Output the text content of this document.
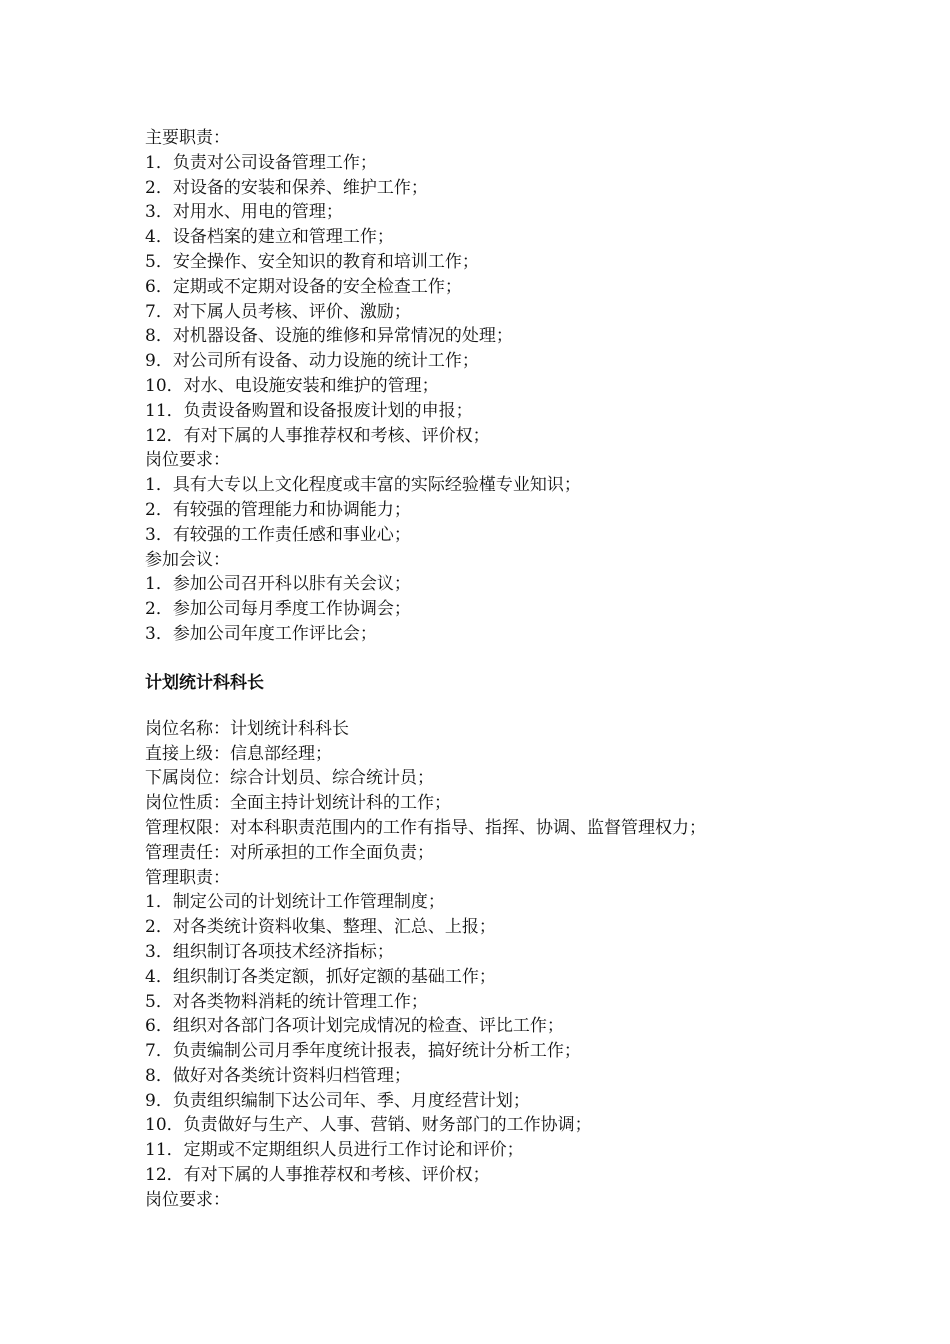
主要职责：
1．负责对公司设备管理工作；
2．对设备的安装和保养、维护工作；
3．对用水、用电的管理；
4．设备档案的建立和管理工作；
5．安全操作、安全知识的教育和培训工作；
6．定期或不定期对设备的安全检查工作；
7．对下属人员考核、评价、激励；
8．对机器设备、设施的维修和异常情况的处理；
9．对公司所有设备、动力设施的统计工作；
10．对水、电设施安装和维护的管理；
11．负责设备购置和设备报废计划的申报；
12．有对下属的人事推荐权和考核、评价权；
岗位要求：
1．具有大专以上文化程度或丰富的实际经验槿专业知识；
2．有较强的管理能力和协调能力；
3．有较强的工作责任感和事业心；
参加会议：
1．参加公司召开科以胩有关会议；
2．参加公司每月季度工作协调会；
3．参加公司年度工作评比会；
计划统计科科长
岗位名称：计划统计科科长
直接上级：信息部经理；
下属岗位：综合计划员、综合统计员；
岗位性质：全面主持计划统计科的工作；
管理权限：对本科职责范围内的工作有指导、指挥、协调、监督管理权力；
管理责任：对所承担的工作全面负责；
管理职责：
1．制定公司的计划统计工作管理制度；
2．对各类统计资料收集、整理、汇总、上报；
3．组织制订各项技术经济指标；
4．组织制订各类定额，抓好定额的基础工作；
5．对各类物料消耗的统计管理工作；
6．组织对各部门各项计划完成情况的检查、评比工作；
7．负责编制公司月季年度统计报表，搞好统计分析工作；
8．做好对各类统计资料归档管理；
9．负责组织编制下达公司年、季、月度经营计划；
10．负责做好与生产、人事、营销、财务部门的工作协调；
11．定期或不定期组织人员进行工作讨论和评价；
12．有对下属的人事推荐权和考核、评价权；
岗位要求：
